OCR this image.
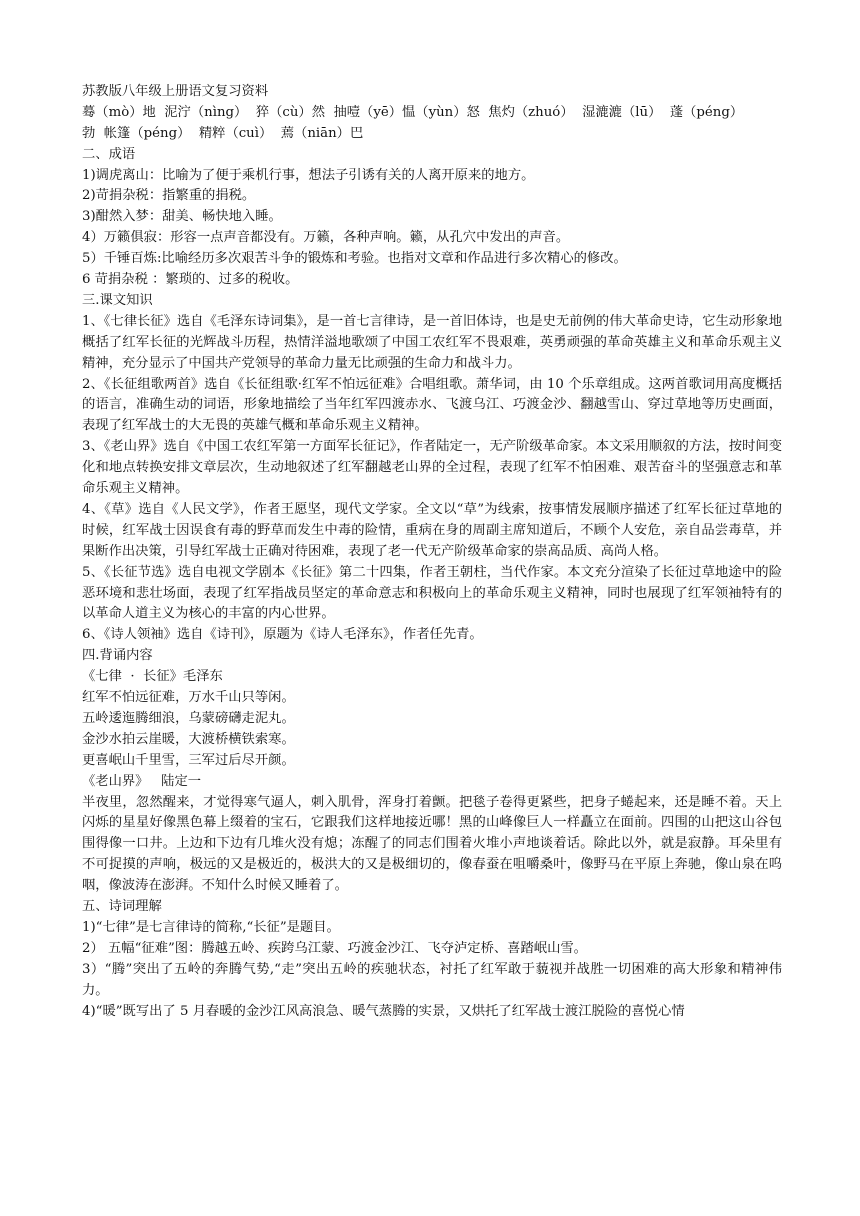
苏教版八年级上册语文复习资料
蓦（mò）地  泥泞（nìng）  猝（cù）然  抽噎（yē）愠（yùn）怒  焦灼（zhuó）  湿漉漉（lū）  蓬（péng）
勃  帐篷（péng）  精粹（cuì）  蔫（niān）巴
二、成语
1)调虎离山：比喻为了便于乘机行事，想法子引诱有关的人离开原来的地方。
2)苛捐杂税：指繁重的捐税。
3)酣然入梦：甜美、畅快地入睡。
4）万籁俱寂：形容一点声音都没有。万籁，各种声响。籁，从孔穴中发出的声音。
5）千锤百炼:比喻经历多次艰苦斗争的锻炼和考验。也指对文章和作品进行多次精心的修改。
6 苛捐杂税 ：繁琐的、过多的税收。
三.课文知识
1、《七律长征》选自《毛泽东诗词集》，是一首七言律诗，是一首旧体诗，也是史无前例的伟大革命史诗，它生动形象地概括了红军长征的光辉战斗历程，热情洋溢地歌颂了中国工农红军不畏艰难，英勇顽强的革命英雄主义和革命乐观主义精神，充分显示了中国共产党领导的革命力量无比顽强的生命力和战斗力。
2、《长征组歌两首》选自《长征组歌·红军不怕远征难》合唱组歌。萧华词，由 10 个乐章组成。这两首歌词用高度概括的语言，准确生动的词语，形象地描绘了当年红军四渡赤水、飞渡乌江、巧渡金沙、翻越雪山、穿过草地等历史画面，表现了红军战士的大无畏的英雄气概和革命乐观主义精神。
3、《老山界》选自《中国工农红军第一方面军长征记》，作者陆定一，无产阶级革命家。本文采用顺叙的方法，按时间变化和地点转换安排文章层次，生动地叙述了红军翻越老山界的全过程，表现了红军不怕困难、艰苦奋斗的坚强意志和革命乐观主义精神。
4、《草》选自《人民文学》，作者王愿坚，现代文学家。全文以“草”为线索，按事情发展顺序描述了红军长征过草地的时候，红军战士因误食有毒的野草而发生中毒的险情，重病在身的周副主席知道后，不顾个人安危，亲自品尝毒草，并果断作出决策，引导红军战士正确对待困难，表现了老一代无产阶级革命家的崇高品质、高尚人格。
5、《长征节选》选自电视文学剧本《长征》第二十四集，作者王朝柱，当代作家。本文充分渲染了长征过草地途中的险恶环境和悲壮场面，表现了红军指战员坚定的革命意志和积极向上的革命乐观主义精神，同时也展现了红军领袖特有的以革命人道主义为核心的丰富的内心世界。
6、《诗人领袖》选自《诗刊》，原题为《诗人毛泽东》，作者任先青。
四.背诵内容
《七律  ·  长征》毛泽东
红军不怕远征难，万水千山只等闲。
五岭逶迤腾细浪，乌蒙磅礴走泥丸。
金沙水拍云崖暖，大渡桥横铁索寒。
更喜岷山千里雪，三军过后尽开颜。
《老山界》   陆定一
半夜里，忽然醒来，才觉得寒气逼人，刺入肌骨，浑身打着颤。把毯子卷得更紧些，把身子蜷起来，还是睡不着。天上闪烁的星星好像黑色幕上缀着的宝石，它跟我们这样地接近哪！黑的山峰像巨人一样矗立在面前。四围的山把这山谷包围得像一口井。上边和下边有几堆火没有熄；冻醒了的同志们围着火堆小声地谈着话。除此以外，就是寂静。耳朵里有不可捉摸的声响，极远的又是极近的，极洪大的又是极细切的，像春蚕在咀嚼桑叶，像野马在平原上奔驰，像山泉在呜咽，像波涛在澎湃。不知什么时候又睡着了。
五、诗词理解
1)“七律”是七言律诗的简称,“长征”是题目。
2） 五幅“征难”图：腾越五岭、疾跨乌江蒙、巧渡金沙江、飞夺泸定桥、喜踏岷山雪。
3）“腾”突出了五岭的奔腾气势,“走”突出五岭的疾驰状态，衬托了红军敢于藐视并战胜一切困难的高大形象和精神伟力。
4)“暖”既写出了 5 月春暖的金沙江风高浪急、暖气蒸腾的实景，又烘托了红军战士渡江脱险的喜悦心情
